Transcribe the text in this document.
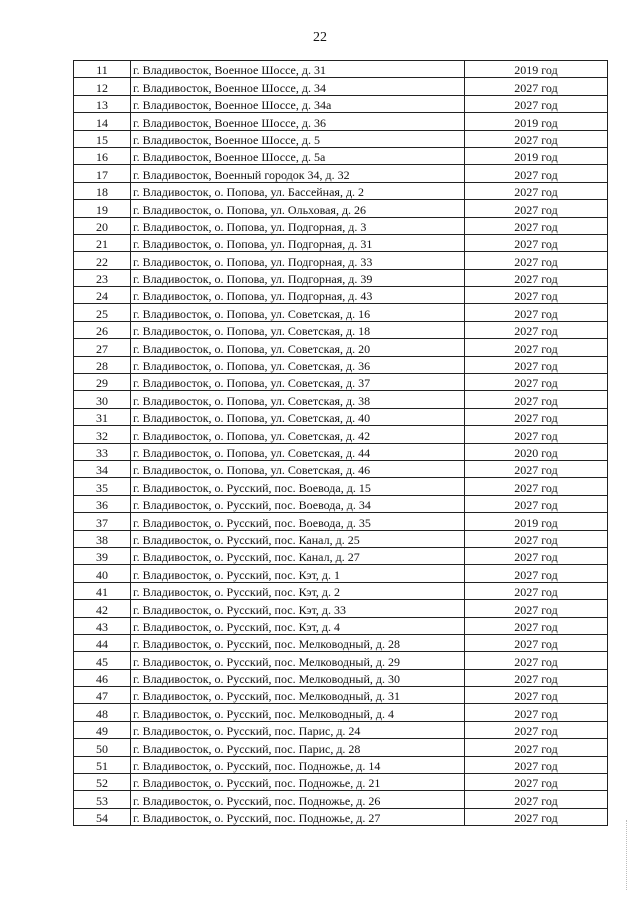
22
11	г. Владивосток, Военное Шоссе, д. 31	2019 год
12	г. Владивосток, Военное Шоссе, д. 34	2027 год
13	г. Владивосток, Военное Шоссе, д. 34а	2027 год
14	г. Владивосток, Военное Шоссе, д. 36	2019 год
15	г. Владивосток, Военное Шоссе, д. 5	2027 год
16	г. Владивосток, Военное Шоссе, д. 5а	2019 год
17	г. Владивосток, Военный городок 34, д. 32	2027 год
18	г. Владивосток, о. Попова, ул. Бассейная, д. 2	2027 год
19	г. Владивосток, о. Попова, ул. Ольховая, д. 26	2027 год
20	г. Владивосток, о. Попова, ул. Подгорная, д. 3	2027 год
21	г. Владивосток, о. Попова, ул. Подгорная, д. 31	2027 год
22	г. Владивосток, о. Попова, ул. Подгорная, д. 33	2027 год
23	г. Владивосток, о. Попова, ул. Подгорная, д. 39	2027 год
24	г. Владивосток, о. Попова, ул. Подгорная, д. 43	2027 год
25	г. Владивосток, о. Попова, ул. Советская, д. 16	2027 год
26	г. Владивосток, о. Попова, ул. Советская, д. 18	2027 год
27	г. Владивосток, о. Попова, ул. Советская, д. 20	2027 год
28	г. Владивосток, о. Попова, ул. Советская, д. 36	2027 год
29	г. Владивосток, о. Попова, ул. Советская, д. 37	2027 год
30	г. Владивосток, о. Попова, ул. Советская, д. 38	2027 год
31	г. Владивосток, о. Попова, ул. Советская, д. 40	2027 год
32	г. Владивосток, о. Попова, ул. Советская, д. 42	2027 год
33	г. Владивосток, о. Попова, ул. Советская, д. 44	2020 год
34	г. Владивосток, о. Попова, ул. Советская, д. 46	2027 год
35	г. Владивосток, о. Русский, пос. Воевода, д. 15	2027 год
36	г. Владивосток, о. Русский, пос. Воевода, д. 34	2027 год
37	г. Владивосток, о. Русский, пос. Воевода, д. 35	2019 год
38	г. Владивосток, о. Русский, пос. Канал, д. 25	2027 год
39	г. Владивосток, о. Русский, пос. Канал, д. 27	2027 год
40	г. Владивосток, о. Русский, пос. Кэт, д. 1	2027 год
41	г. Владивосток, о. Русский, пос. Кэт, д. 2	2027 год
42	г. Владивосток, о. Русский, пос. Кэт, д. 33	2027 год
43	г. Владивосток, о. Русский, пос. Кэт, д. 4	2027 год
44	г. Владивосток, о. Русский, пос. Мелководный, д. 28	2027 год
45	г. Владивосток, о. Русский, пос. Мелководный, д. 29	2027 год
46	г. Владивосток, о. Русский, пос. Мелководный, д. 30	2027 год
47	г. Владивосток, о. Русский, пос. Мелководный, д. 31	2027 год
48	г. Владивосток, о. Русский, пос. Мелководный, д. 4	2027 год
49	г. Владивосток, о. Русский, пос. Парис, д. 24	2027 год
50	г. Владивосток, о. Русский, пос. Парис, д. 28	2027 год
51	г. Владивосток, о. Русский, пос. Подножье, д. 14	2027 год
52	г. Владивосток, о. Русский, пос. Подножье, д. 21	2027 год
53	г. Владивосток, о. Русский, пос. Подножье, д. 26	2027 год
54	г. Владивосток, о. Русский, пос. Подножье, д. 27	2027 год
